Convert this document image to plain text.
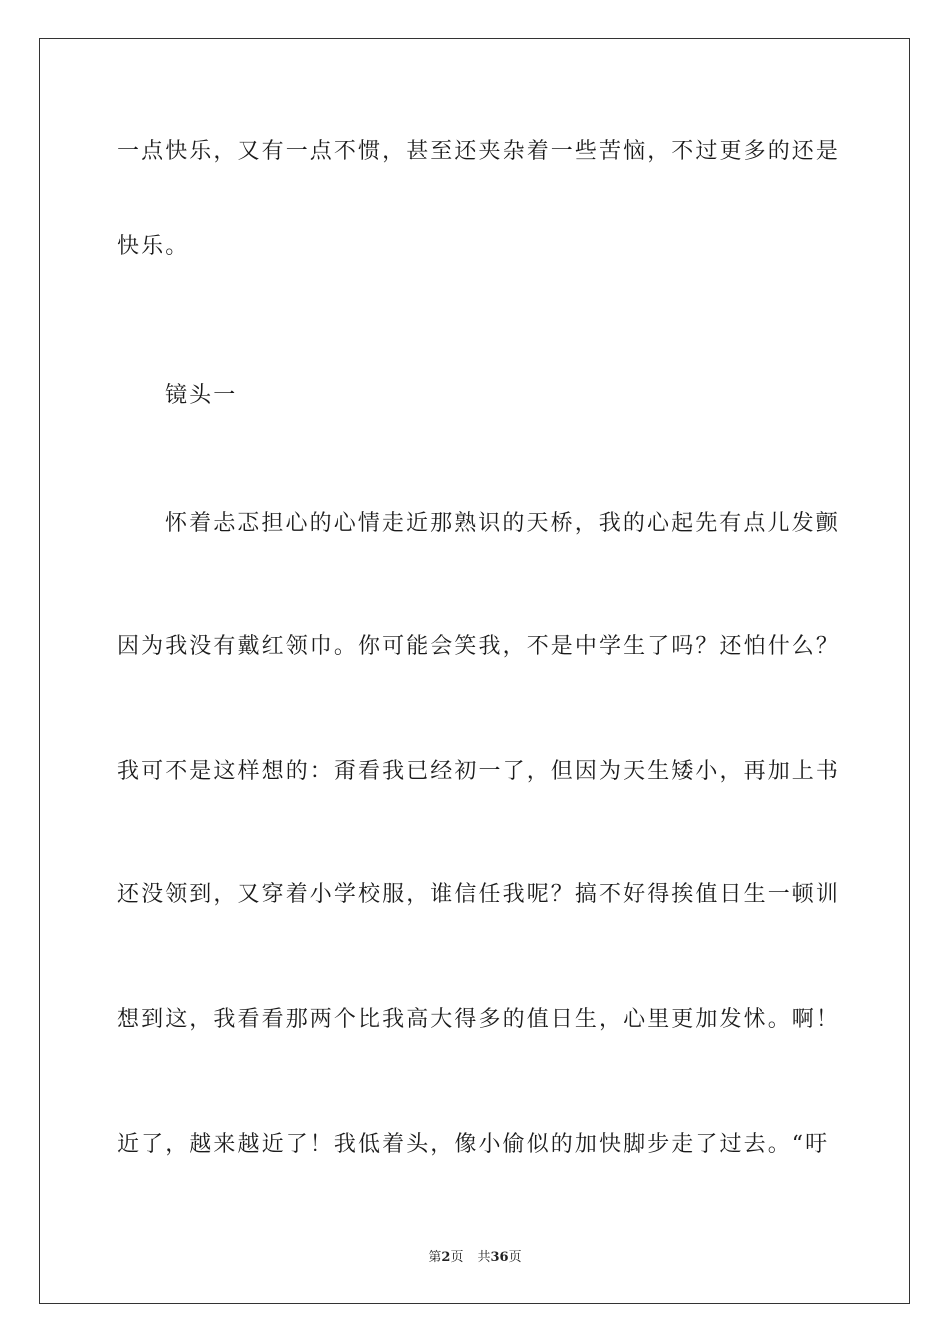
一点快乐，又有一点不惯，甚至还夹杂着一些苦恼，不过更多的还是
快乐。
镜头一
怀着忐忑担心的心情走近那熟识的天桥，我的心起先有点儿发颤
因为我没有戴红领巾。你可能会笑我，不是中学生了吗？还怕什么？
我可不是这样想的：甭看我已经初一了，但因为天生矮小，再加上书
还没领到，又穿着小学校服，谁信任我呢？搞不好得挨值日生一顿训
想到这，我看看那两个比我高大得多的值日生，心里更加发怵。啊！
近了，越来越近了！我低着头，像小偷似的加快脚步走了过去。“吁
第2页 共36页
